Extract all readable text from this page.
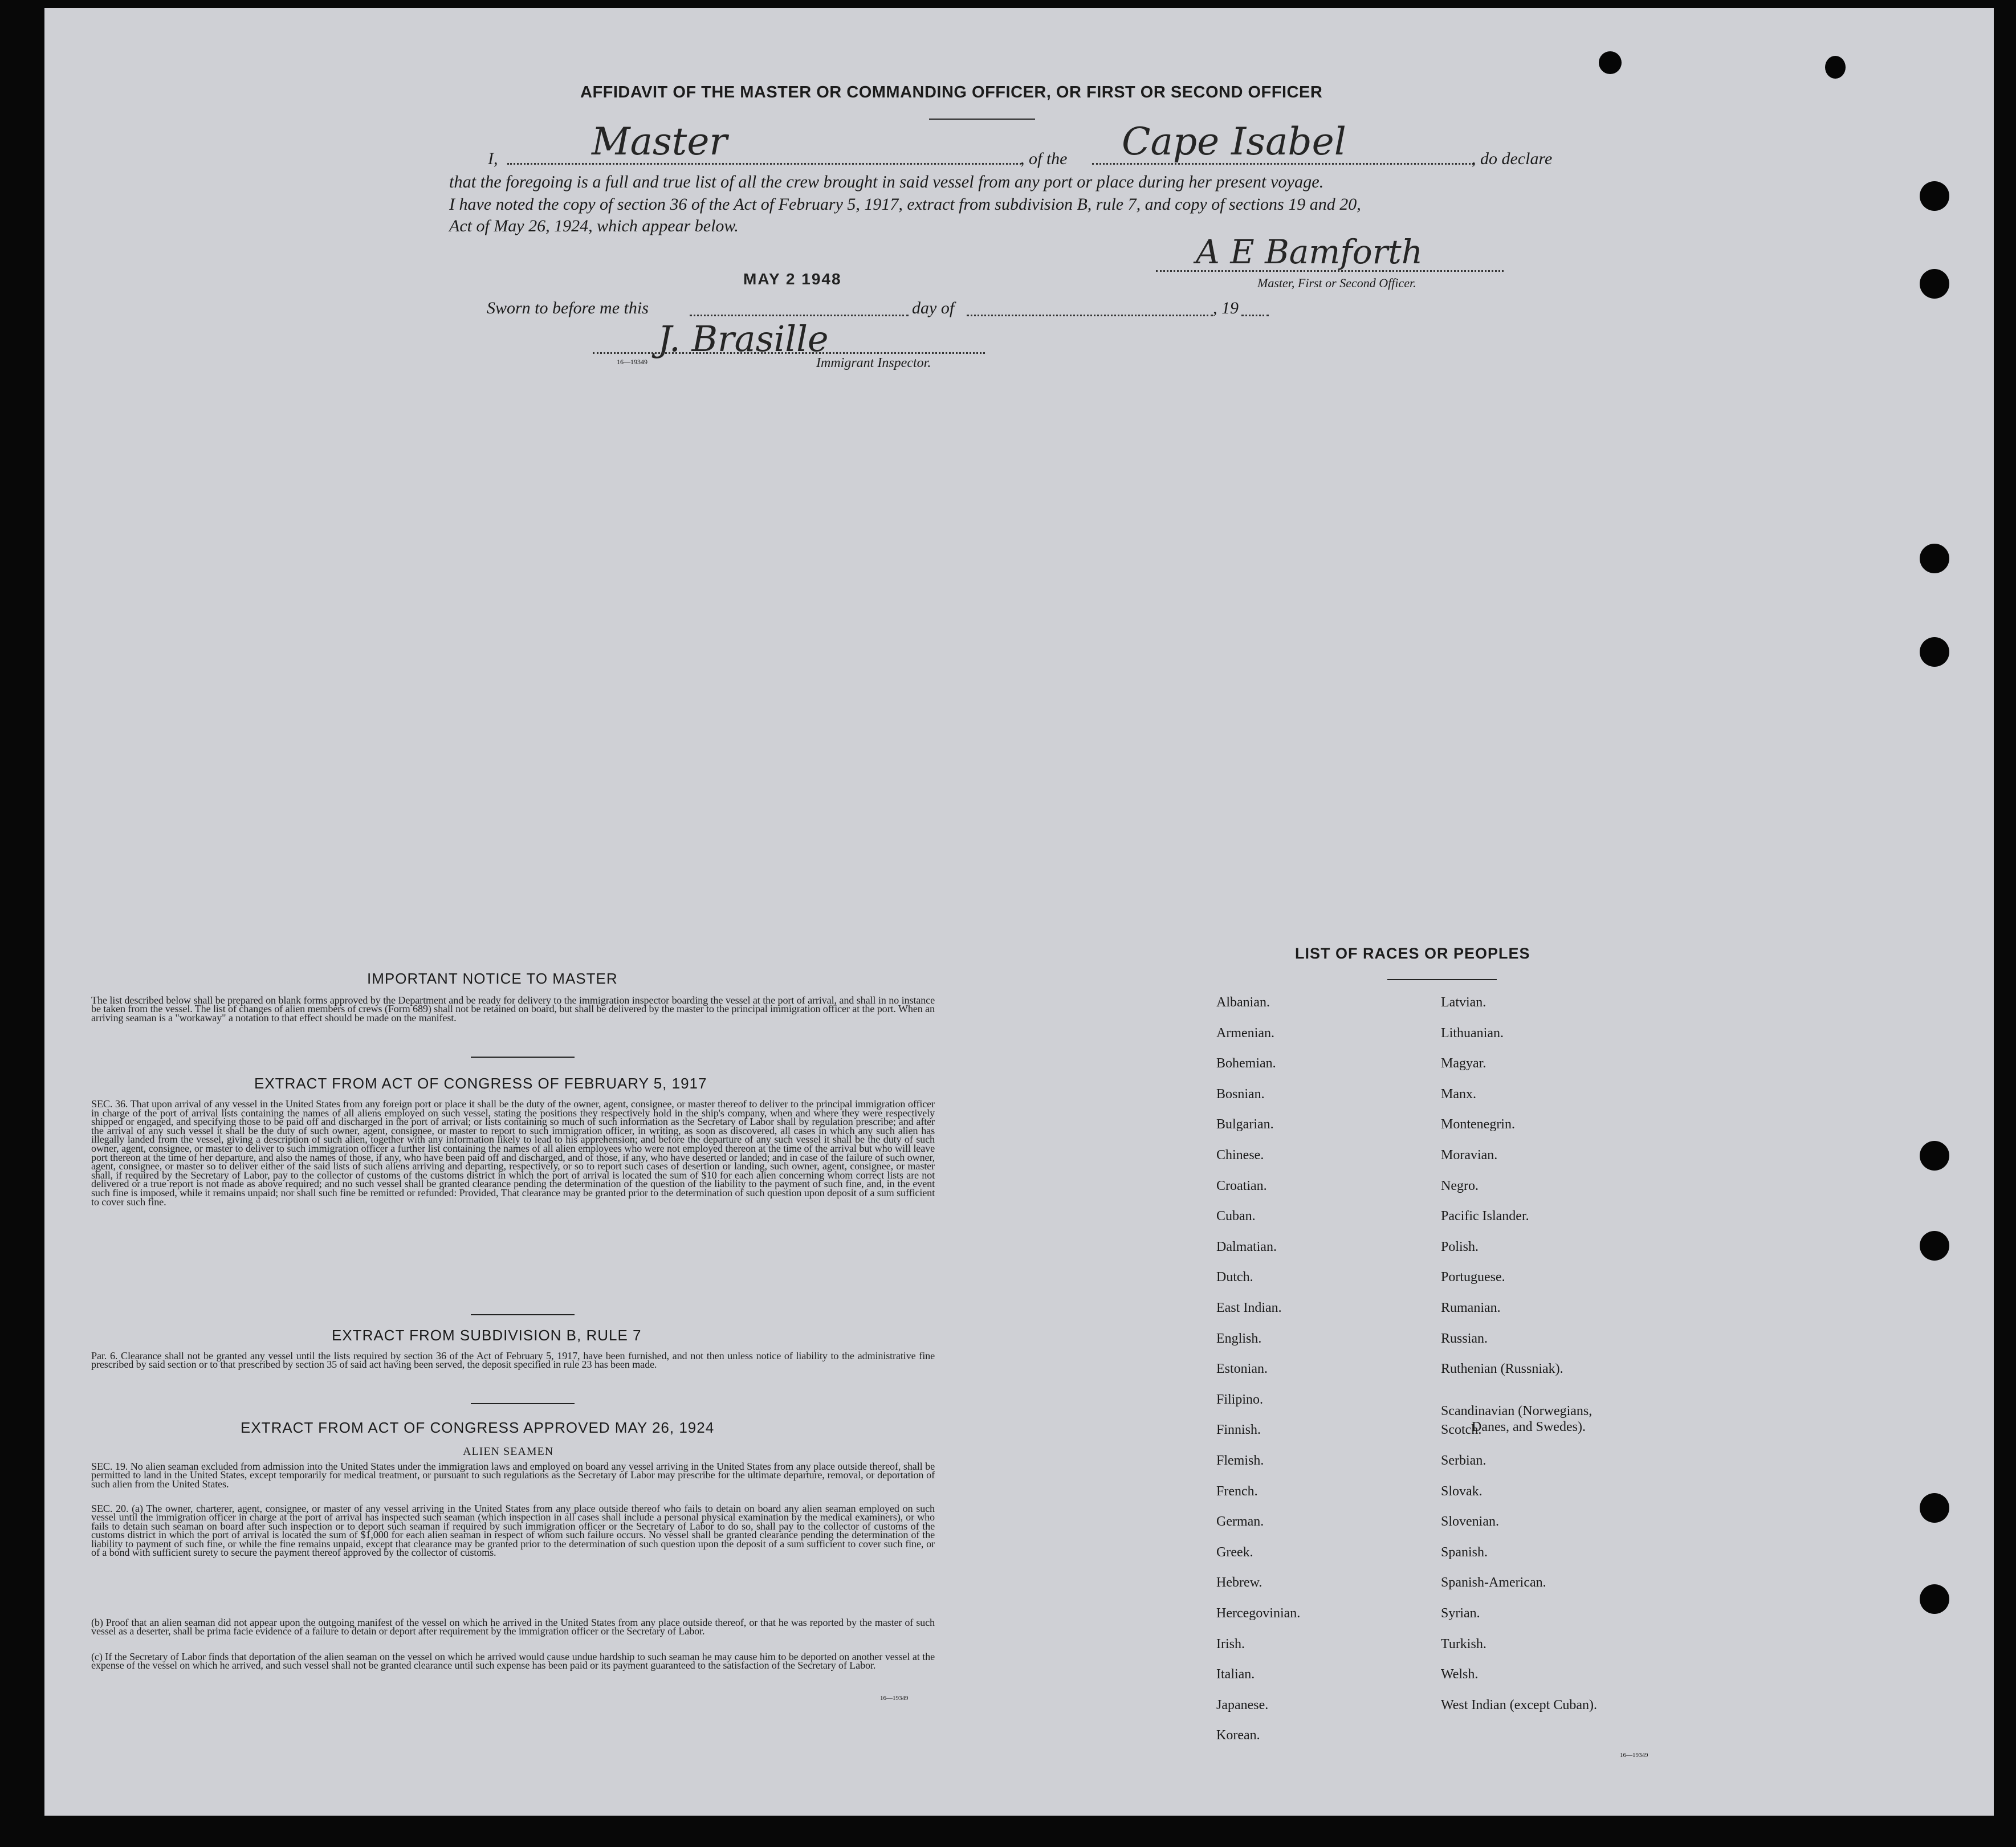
AFFIDAVIT OF THE MASTER OR COMMANDING OFFICER, OR FIRST OR SECOND OFFICER
I, Master	, of the Cape Isabel	, do declare
that the foregoing is a full and true list of all the crew brought in said vessel from any port or place during her present voyage.
I have noted the copy of section 36 of the Act of February 5, 1917, extract from subdivision B, rule 7, and copy of sections 19 and 20,
Act of May 26, 1924, which appear below.
MAY 2 1948
A E Bamforth
Master, First or Second Officer.
Sworn to before me this	day of	, 19
J. Brasille
16—19349	Immigrant Inspector.
IMPORTANT NOTICE TO MASTER
The list described below shall be prepared on blank forms approved by the Department and be ready for delivery to the immigration inspector boarding the vessel at the port of arrival, and shall in no instance be taken from the vessel. The list of changes of alien members of crews (Form 689) shall not be retained on board, but shall be delivered by the master to the principal immigration officer at the port. When an arriving seaman is a "workaway" a notation to that effect should be made on the manifest.
EXTRACT FROM ACT OF CONGRESS OF FEBRUARY 5, 1917
SEC. 36. That upon arrival of any vessel in the United States from any foreign port or place it shall be the duty of the owner, agent, consignee, or master thereof to deliver to the principal immigration officer in charge of the port of arrival lists containing the names of all aliens employed on such vessel, stating the positions they respectively hold in the ship's company, when and where they were respectively shipped or engaged, and specifying those to be paid off and discharged in the port of arrival; or lists containing so much of such information as the Secretary of Labor shall by regulation prescribe; and after the arrival of any such vessel it shall be the duty of such owner, agent, consignee, or master to report to such immigration officer, in writing, as soon as discovered, all cases in which any such alien has illegally landed from the vessel, giving a description of such alien, together with any information likely to lead to his apprehension; and before the departure of any such vessel it shall be the duty of such owner, agent, consignee, or master to deliver to such immigration officer a further list containing the names of all alien employees who were not employed thereon at the time of the arrival but who will leave port thereon at the time of her departure, and also the names of those, if any, who have been paid off and discharged, and of those, if any, who have deserted or landed; and in case of the failure of such owner, agent, consignee, or master so to deliver either of the said lists of such aliens arriving and departing, respectively, or so to report such cases of desertion or landing, such owner, agent, consignee, or master shall, if required by the Secretary of Labor, pay to the collector of customs of the customs district in which the port of arrival is located the sum of $10 for each alien concerning whom correct lists are not delivered or a true report is not made as above required; and no such vessel shall be granted clearance pending the determination of the question of the liability to the payment of such fine, and, in the event such fine is imposed, while it remains unpaid; nor shall such fine be remitted or refunded: Provided, That clearance may be granted prior to the determination of such question upon deposit of a sum sufficient to cover such fine.
EXTRACT FROM SUBDIVISION B, RULE 7
Par. 6. Clearance shall not be granted any vessel until the lists required by section 36 of the Act of February 5, 1917, have been furnished, and not then unless notice of liability to the administrative fine prescribed by said section or to that prescribed by section 35 of said act having been served, the deposit specified in rule 23 has been made.
EXTRACT FROM ACT OF CONGRESS APPROVED MAY 26, 1924
ALIEN SEAMEN
SEC. 19. No alien seaman excluded from admission into the United States under the immigration laws and employed on board any vessel arriving in the United States from any place outside thereof, shall be permitted to land in the United States, except temporarily for medical treatment, or pursuant to such regulations as the Secretary of Labor may prescribe for the ultimate departure, removal, or deportation of such alien from the United States.
SEC. 20. (a) The owner, charterer, agent, consignee, or master of any vessel arriving in the United States from any place outside thereof who fails to detain on board any alien seaman employed on such vessel until the immigration officer in charge at the port of arrival has inspected such seaman (which inspection in all cases shall include a personal physical examination by the medical examiners), or who fails to detain such seaman on board after such inspection or to deport such seaman if required by such immigration officer or the Secretary of Labor to do so, shall pay to the collector of customs of the customs district in which the port of arrival is located the sum of $1,000 for each alien seaman in respect of whom such failure occurs. No vessel shall be granted clearance pending the determination of the liability to payment of such fine, or while the fine remains unpaid, except that clearance may be granted prior to the determination of such question upon the deposit of a sum sufficient to cover such fine, or of a bond with sufficient surety to secure the payment thereof approved by the collector of customs.
(b) Proof that an alien seaman did not appear upon the outgoing manifest of the vessel on which he arrived in the United States from any place outside thereof, or that he was reported by the master of such vessel as a deserter, shall be prima facie evidence of a failure to detain or deport after requirement by the immigration officer or the Secretary of Labor.
(c) If the Secretary of Labor finds that deportation of the alien seaman on the vessel on which he arrived would cause undue hardship to such seaman he may cause him to be deported on another vessel at the expense of the vessel on which he arrived, and such vessel shall not be granted clearance until such expense has been paid or its payment guaranteed to the satisfaction of the Secretary of Labor.
16—19349
LIST OF RACES OR PEOPLES
16—19349
Albanian.
Armenian.
Bohemian.
Bosnian.
Bulgarian.
Chinese.
Croatian.
Cuban.
Dalmatian.
Dutch.
East Indian.
English.
Estonian.
Filipino.
Finnish.
Flemish.
French.
German.
Greek.
Hebrew.
Hercegovinian.
Irish.
Italian.
Japanese.
Korean.
Latvian.
Lithuanian.
Magyar.
Manx.
Montenegrin.
Moravian.
Negro.
Pacific Islander.
Polish.
Portuguese.
Rumanian.
Russian.
Ruthenian (Russniak).
Scandinavian (Norwegians,
Danes, and Swedes).
Scotch.
Serbian.
Slovak.
Slovenian.
Spanish.
Spanish-American.
Syrian.
Turkish.
Welsh.
West Indian (except Cuban).
